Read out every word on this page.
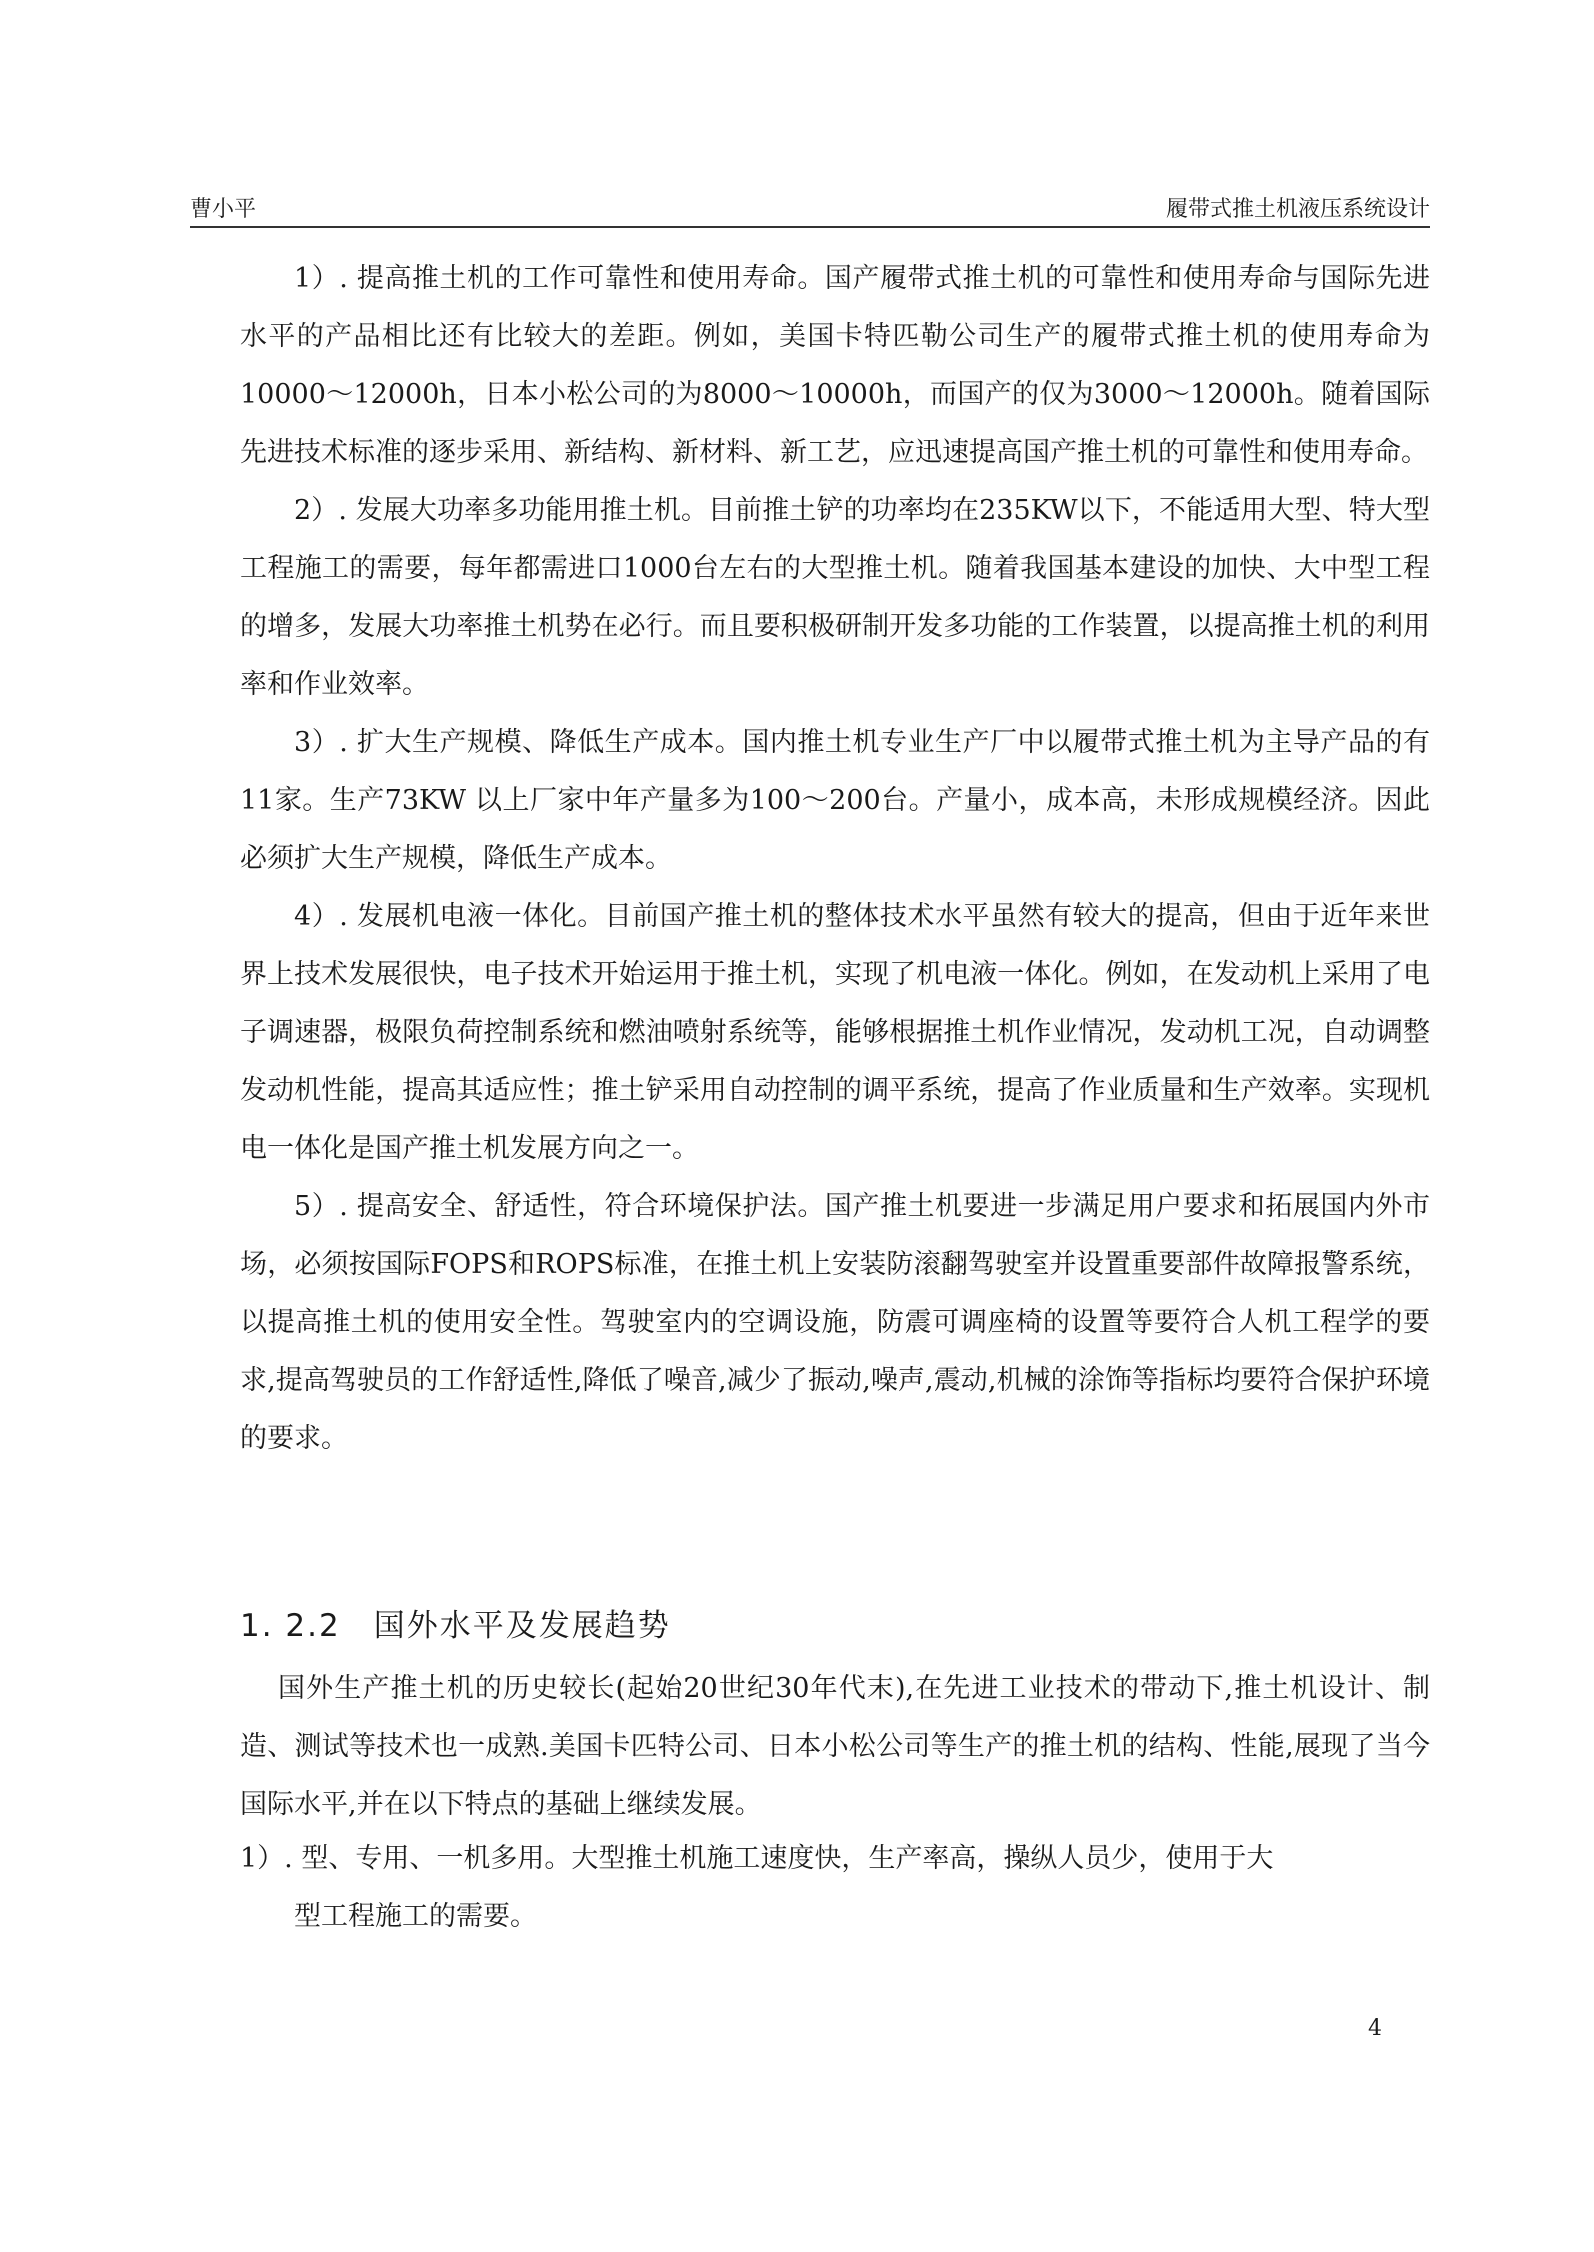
曹小平	履带式推土机液压系统设计

1）. 提高推土机的工作可靠性和使用寿命。国产履带式推土机的可靠性和使用寿命与国际先进水平的产品相比还有比较大的差距。例如，美国卡特匹勒公司生产的履带式推土机的使用寿命为10000～12000h，日本小松公司的为8000～10000h，而国产的仅为3000～12000h。随着国际先进技术标准的逐步采用、新结构、新材料、新工艺，应迅速提高国产推土机的可靠性和使用寿命。

2）. 发展大功率多功能用推土机。目前推土铲的功率均在235KW以下，不能适用大型、特大型工程施工的需要，每年都需进口1000台左右的大型推土机。随着我国基本建设的加快、大中型工程的增多，发展大功率推土机势在必行。而且要积极研制开发多功能的工作装置，以提高推土机的利用率和作业效率。

3）. 扩大生产规模、降低生产成本。国内推土机专业生产厂中以履带式推土机为主导产品的有11家。生产73KW 以上厂家中年产量多为100～200台。产量小，成本高，未形成规模经济。因此必须扩大生产规模，降低生产成本。

4）. 发展机电液一体化。目前国产推土机的整体技术水平虽然有较大的提高，但由于近年来世界上技术发展很快，电子技术开始运用于推土机，实现了机电液一体化。例如，在发动机上采用了电子调速器，极限负荷控制系统和燃油喷射系统等，能够根据推土机作业情况，发动机工况，自动调整发动机性能，提高其适应性；推土铲采用自动控制的调平系统，提高了作业质量和生产效率。实现机电一体化是国产推土机发展方向之一。

5）. 提高安全、舒适性，符合环境保护法。国产推土机要进一步满足用户要求和拓展国内外市场，必须按国际FOPS和ROPS标准，在推土机上安装防滚翻驾驶室并设置重要部件故障报警系统，以提高推土机的使用安全性。驾驶室内的空调设施，防震可调座椅的设置等要符合人机工程学的要求,提高驾驶员的工作舒适性,降低了噪音,减少了振动,噪声,震动,机械的涂饰等指标均要符合保护环境的要求。

1. 2.2　国外水平及发展趋势

国外生产推土机的历史较长(起始20世纪30年代末),在先进工业技术的带动下,推土机设计、制造、测试等技术也一成熟.美国卡匹特公司、日本小松公司等生产的推土机的结构、性能,展现了当今国际水平,并在以下特点的基础上继续发展。

1）. 型、专用、一机多用。大型推土机施工速度快，生产率高，操纵人员少，使用于大
型工程施工的需要。
4
